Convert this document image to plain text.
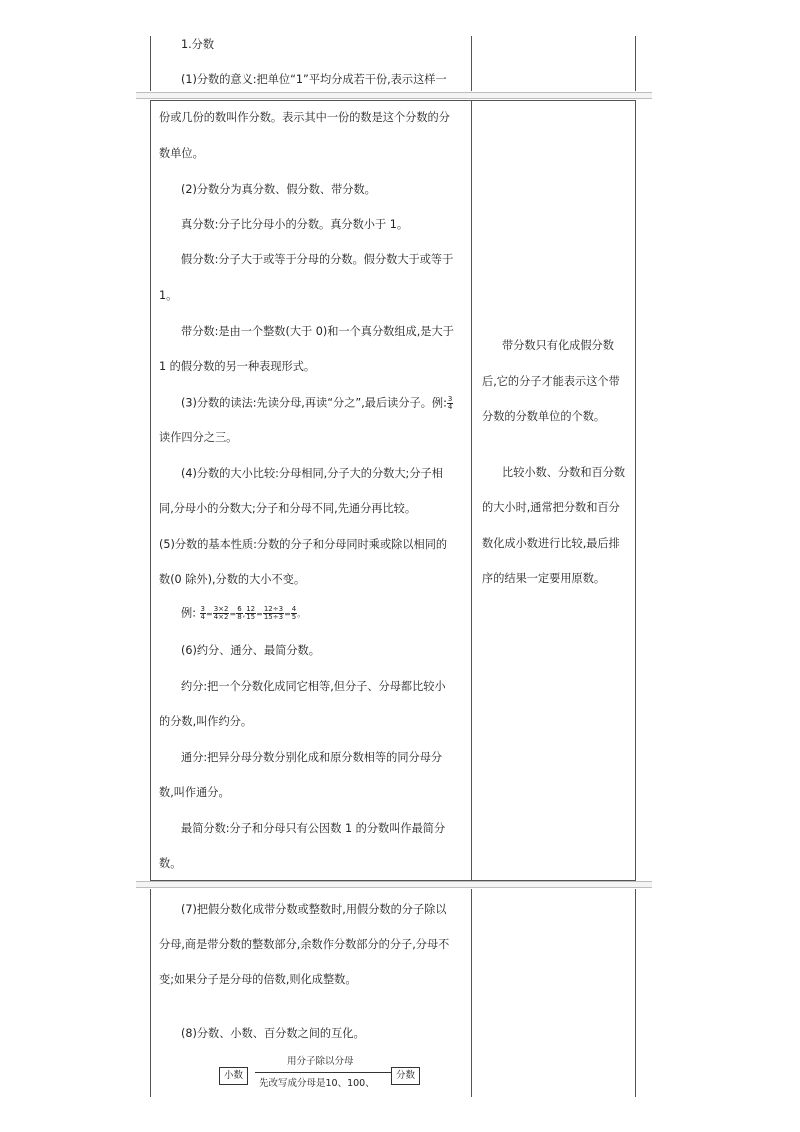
1.分数
(1)分数的意义:把单位“1”平均分成若干份,表示这样一
份或几份的数叫作分数。表示其中一份的数是这个分数的分
数单位。
(2)分数分为真分数、假分数、带分数。
真分数:分子比分母小的分数。真分数小于 1。
假分数:分子大于或等于分母的分数。假分数大于或等于
1。
带分数:是由一个整数(大于 0)和一个真分数组成,是大于
1 的假分数的另一种表现形式。
(3)分数的读法:先读分母,再读“分之”,最后读分子。例: $\frac{3}{4}$
读作四分之三。
(4)分数的大小比较:分母相同,分子大的分数大;分子相
同,分母小的分数大;分子和分母不同,先通分再比较。
(5)分数的基本性质:分数的分子和分母同时乘或除以相同的
数(0 除外),分数的大小不变。
例: $\frac{3}{4} = \frac{3\times 2}{4\times 2} = \frac{6}{8}$ , $\frac{12}{15} = \frac{12\div 3}{15\div 3} = \frac{4}{5}$ 。
(6)约分、通分、最简分数。
约分:把一个分数化成同它相等,但分子、分母都比较小
的分数,叫作约分。
通分:把异分母分数分别化成和原分数相等的同分母分
数,叫作通分。
最简分数:分子和分母只有公因数 1 的分数叫作最简分
数。
带分数只有化成假分数
后,它的分子才能表示这个带
分数的分数单位的个数。
比较小数、分数和百分数
的大小时,通常把分数和百分
数化成小数进行比较,最后排
序的结果一定要用原数。
(7)把假分数化成带分数或整数时,用假分数的分子除以
分母,商是带分数的整数部分,余数作分数部分的分子,分母不
变;如果分子是分母的倍数,则化成整数。
(8)分数、小数、百分数之间的互化。
用分子除以分母
小数	分数
先改写成分母是10、100、
